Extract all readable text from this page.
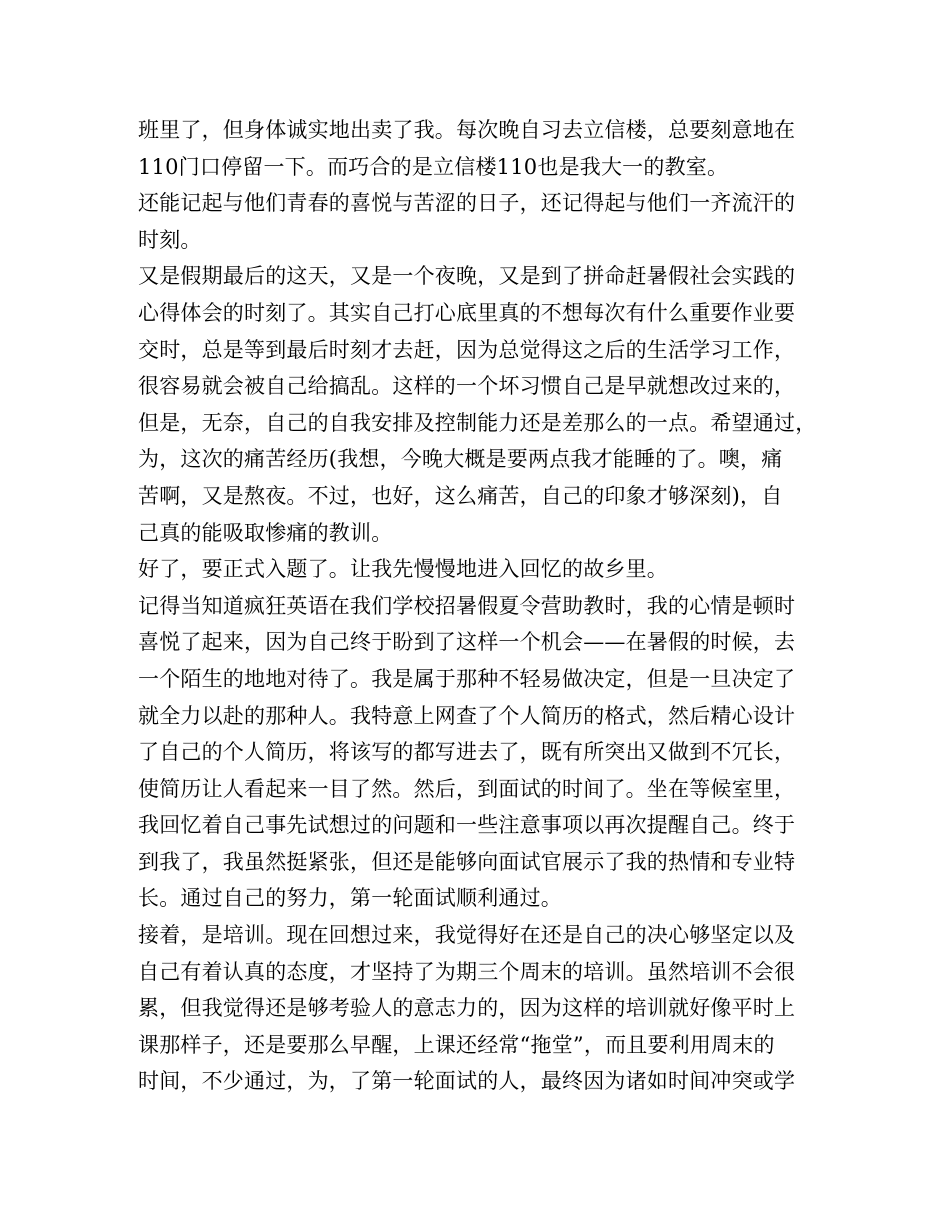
班里了，但身体诚实地出卖了我。每次晚自习去立信楼，总要刻意地在
110门口停留一下。而巧合的是立信楼110也是我大一的教室。
还能记起与他们青春的喜悦与苦涩的日子，还记得起与他们一齐流汗的
时刻。
又是假期最后的这天，又是一个夜晚，又是到了拼命赶暑假社会实践的
心得体会的时刻了。其实自己打心底里真的不想每次有什么重要作业要
交时，总是等到最后时刻才去赶，因为总觉得这之后的生活学习工作，
很容易就会被自己给搞乱。这样的一个坏习惯自己是早就想改过来的，
但是，无奈，自己的自我安排及控制能力还是差那么的一点。希望通过，
为，这次的痛苦经历(我想，今晚大概是要两点我才能睡的了。噢，痛
苦啊，又是熬夜。不过，也好，这么痛苦，自己的印象才够深刻)，自
己真的能吸取惨痛的教训。
好了，要正式入题了。让我先慢慢地进入回忆的故乡里。
记得当知道疯狂英语在我们学校招暑假夏令营助教时，我的心情是顿时
喜悦了起来，因为自己终于盼到了这样一个机会——在暑假的时候，去
一个陌生的地地对待了。我是属于那种不轻易做决定，但是一旦决定了
就全力以赴的那种人。我特意上网查了个人简历的格式，然后精心设计
了自己的个人简历，将该写的都写进去了，既有所突出又做到不冗长，
使简历让人看起来一目了然。然后，到面试的时间了。坐在等候室里，
我回忆着自己事先试想过的问题和一些注意事项以再次提醒自己。终于
到我了，我虽然挺紧张，但还是能够向面试官展示了我的热情和专业特
长。通过自己的努力，第一轮面试顺利通过。
接着，是培训。现在回想过来，我觉得好在还是自己的决心够坚定以及
自己有着认真的态度，才坚持了为期三个周末的培训。虽然培训不会很
累，但我觉得还是够考验人的意志力的，因为这样的培训就好像平时上
课那样子，还是要那么早醒，上课还经常“拖堂”，而且要利用周末的
时间，不少通过，为，了第一轮面试的人，最终因为诸如时间冲突或学
